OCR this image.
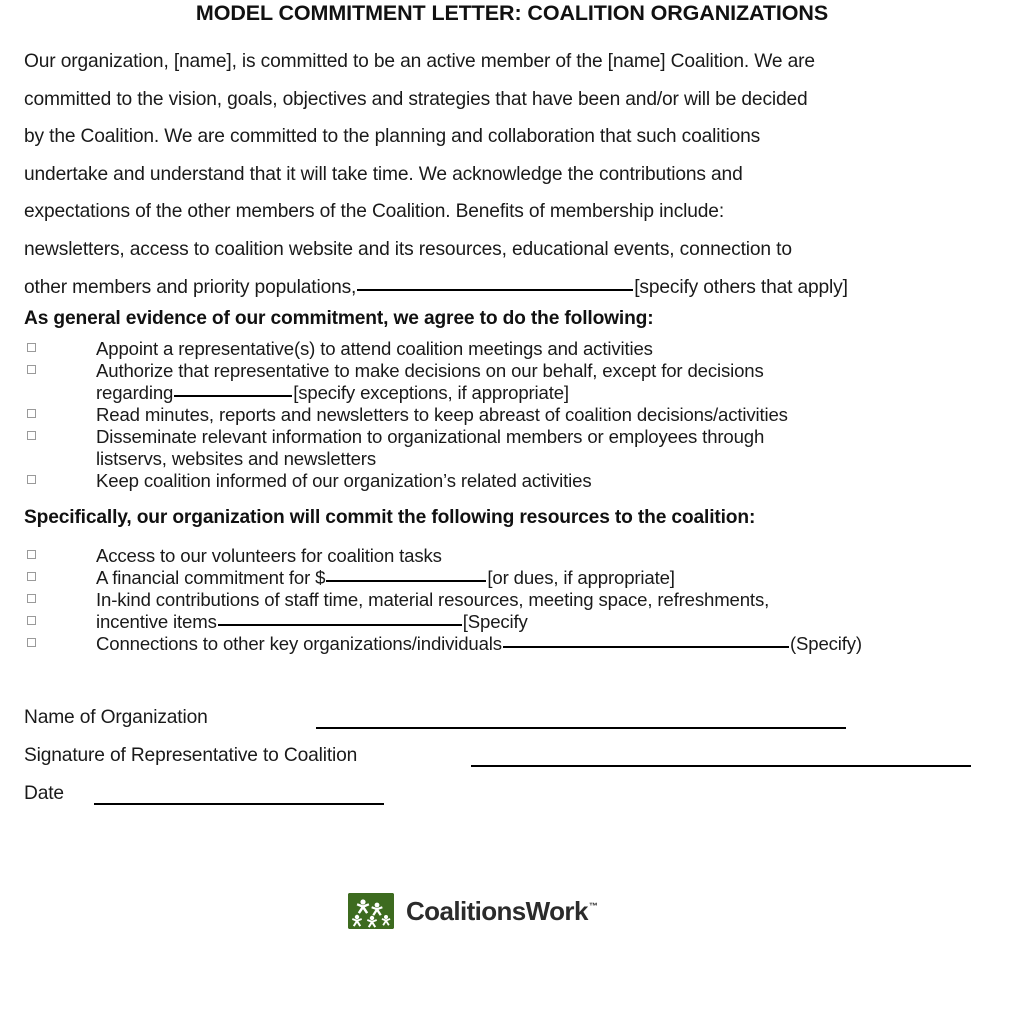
MODEL COMMITMENT LETTER: COALITION ORGANIZATIONS
Our organization, [name], is committed to be an active member of the [name] Coalition. We are
committed to the vision, goals, objectives and strategies that have been and/or will be decided
by the Coalition. We are committed to the planning and collaboration that such coalitions
undertake and understand that it will take time. We acknowledge the contributions and
expectations of the other members of the Coalition. Benefits of membership include:
newsletters, access to coalition website and its resources, educational events, connection to
other members and priority populations,	[specify others that apply]
As general evidence of our commitment, we agree to do the following:
Appoint a representative(s) to attend coalition meetings and activities
Authorize that representative to make decisions on our behalf, except for decisions
regarding	[specify exceptions, if appropriate]
Read minutes, reports and newsletters to keep abreast of coalition decisions/activities
Disseminate relevant information to organizational members or employees through
listservs, websites and newsletters
Keep coalition informed of our organization’s related activities
Specifically, our organization will commit the following resources to the coalition:
Access to our volunteers for coalition tasks
A financial commitment for $	[or dues, if appropriate]
In-kind contributions of staff time, material resources, meeting space, refreshments,
incentive items	[Specify
Connections to other key organizations/individuals	(Specify)
Name of Organization
Signature of Representative to Coalition
Date
CoalitionsWork™
